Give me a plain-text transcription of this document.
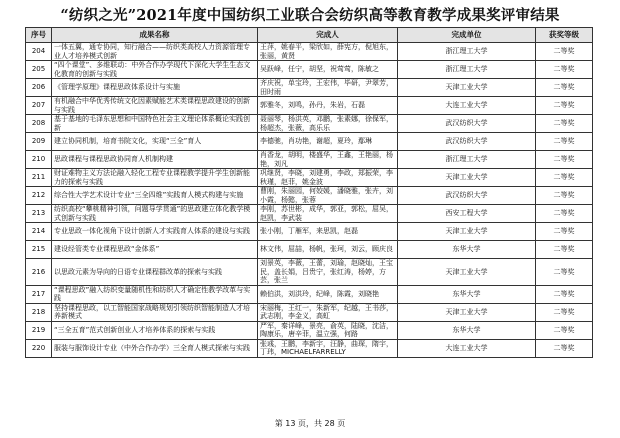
“纺织之光”2021年度中国纺织工业联合会纺织高等教育教学成果奖评审结果
序号	成果名称	完成人	完成单位	获奖等级
204	一体五翼，通专协同，知行融合——纺织类高校人力资源管理专业人才培养模式创新	王萍，姚春平，梁欣如，薛宪方，倪旭东，张丽，黄贤	浙江理工大学	二等奖
205	“四个课堂”、多维联动：中外合作办学现代下深化大学生生态文化教育的创新与实践	吴跃峰，任宁，胡坚，祝莺莺，陈敏之	浙江理工大学	二等奖
206	《管理学原理》课程思政体系设计与实施	齐庆祝，单宝玲，王宏伟，毕研，尹翠芳，田时雨	天津工业大学	二等奖
207	有机融合中华优秀传统文化因素赋能艺术类课程思政建设的创新与实践	郭雅冬，刘鸣，孙丹，朱岩，石磊	大连工业大学	二等奖
208	基于基地的毛泽东思想和中国特色社会主义理论体系概论实践创新	聂丽琴，杨洪英，邓鹏，张素娜，徐保军，杨超杰，张薇，高乐乐	武汉纺织大学	二等奖
209	建立协同机制，培育书院文化，实现“三全”育人	李德驰，肖功艳，谢超，夏玲，鄢琳	武汉纺织大学	二等奖
210	思政课程与课程思政协同育人机制构建	肖香龙，胡明，楼盛华，王鑫，王艳丽，杨艳，刘凡	浙江理工大学	二等奖
211	财证难物主义方法论融入轻化工程专业课程教学提升学生创新能力的探索与实践	巩继贤，李晓，刘建勇，李政，郑振荣，李秋瑾，赵菲，姚金波	天津工业大学	二等奖
212	综合性大学艺术设计专业“三全四维”实践育人模式构建与实施	曹刚，朱丽园，何姣媛，潘晓雅，张卉，刘小霞，杨懿，张蓉	武汉纺织大学	二等奖
213	纺织高校“攀桃精神引领，问题导学贯通”的思政建立体化教学模式创新与实践	李刚，苏世彬，成华，郭亚，郭松，屈吴，赵凯，李武装	西安工程大学	二等奖
214	专业思政一体化视角下设计创新人才实践育人体系的建设与实践	张小刚，丁雁军，来思凯，赵磊	天津工业大学	二等奖
215	建设经管类专业课程思政“金体系”	林文伟，屈喆，杨帆，张珂，刘云，顾庆良	东华大学	二等奖
216	以思政元素为导向的日语专业课程群改革的探索与实践	刘景英，李薇，王蕾，刘瑜，赵晓灿，王宝民，盖长娟，吕贵宁，张红涛，杨婷，方芸，张兰	天津工业大学	二等奖
217	“课程思政”融入纺织变量随机性和纺织人才确定性教学改革与实践	赖伯洪，刘洪玲，纪峰，陈霞，刘晓艳	东华大学	二等奖
218	坚持课程思政，以工智能国家战略规划引领纺织智能制造人才培养新模式	宋丽梅，王红一，朱新军，纪越，王书莎，武志刚，李金义，高虹	天津工业大学	二等奖
219	“三全五育”范式创新创业人才培养体系的探索与实践	严军，秦详峰，景亮，俞英，陆晓，沈洁，陶康乐，唐辛菲，温立强，何路	东华大学	二等奖
220	服装与服饰设计专业（中外合作办学）三全育人模式探索与实践	张彧，王鹏，李新宇，汪静，曲琛，隋宇，丁玮，MICHAELFARRELLY	大连工业大学	二等奖
第 13 页，共 28 页
